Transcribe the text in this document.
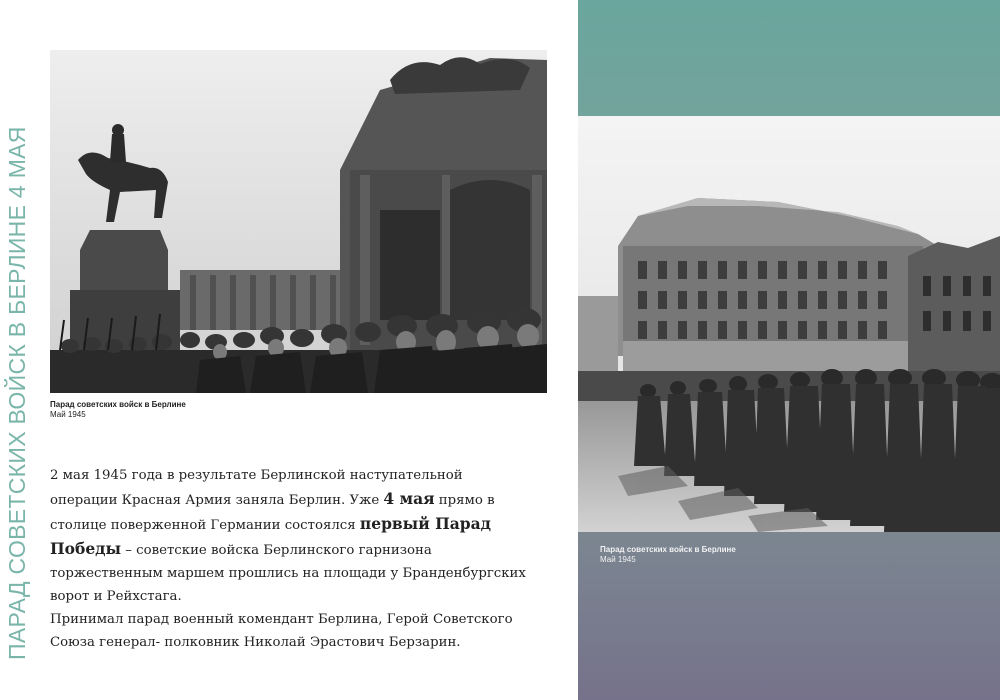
ПАРАД СОВЕТСКИХ ВОЙСК В БЕРЛИНЕ 4 МАЯ	Парад советских войск в Берлине
Май 1945

2 мая 1945 года в результате Берлинской наступательной операции Красная Армия заняла Берлин. Уже 4 мая прямо в столице поверженной Германии состоялся первый Парад Победы – советские войска Берлинского гарнизона торжественным маршем прошлись на площади у Бранденбургских ворот и Рейхстага.

Принимал парад военный комендант Берлина, Герой Советского Союза генерал- полковник Николай Эрастович Берзарин.

Парад советских войск в Берлине
Май 1945
